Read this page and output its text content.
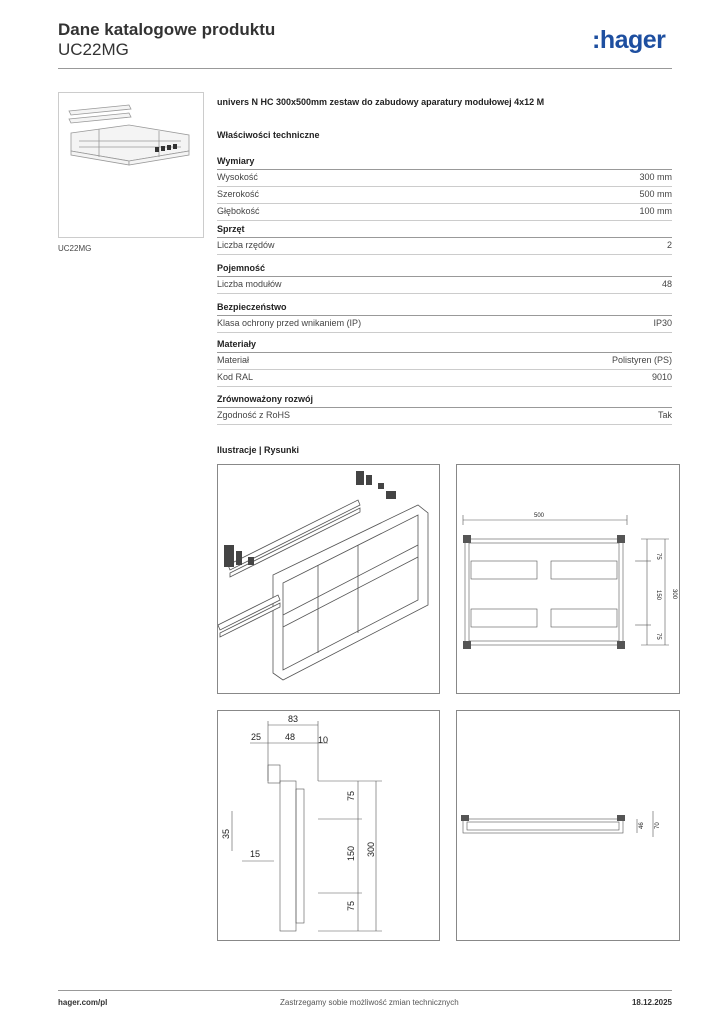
Dane katalogowe produktu
UC22MG	:hager
UC22MG
univers N HC 300x500mm zestaw do zabudowy aparatury modułowej 4x12 M
Właściwości techniczne
Wymiary
Wysokość	300 mm
Szerokość	500 mm
Głębokość	100 mm
Sprzęt
Liczba rzędów	2
Pojemność
Liczba modułów	48
Bezpieczeństwo
Klasa ochrony przed wnikaniem (IP)	IP30
Materiały
Materiał	Polistyren (PS)
Kod RAL	9010
Zrównoważony rozwój
Zgodność z RoHS	Tak
Ilustracje | Rysunki
500
75
150
75
300
83
25	48	10
75
150
75
300
35
15
46 70
hager.com/pl	Zastrzegamy sobie możliwość zmian technicznych	18.12.2025
